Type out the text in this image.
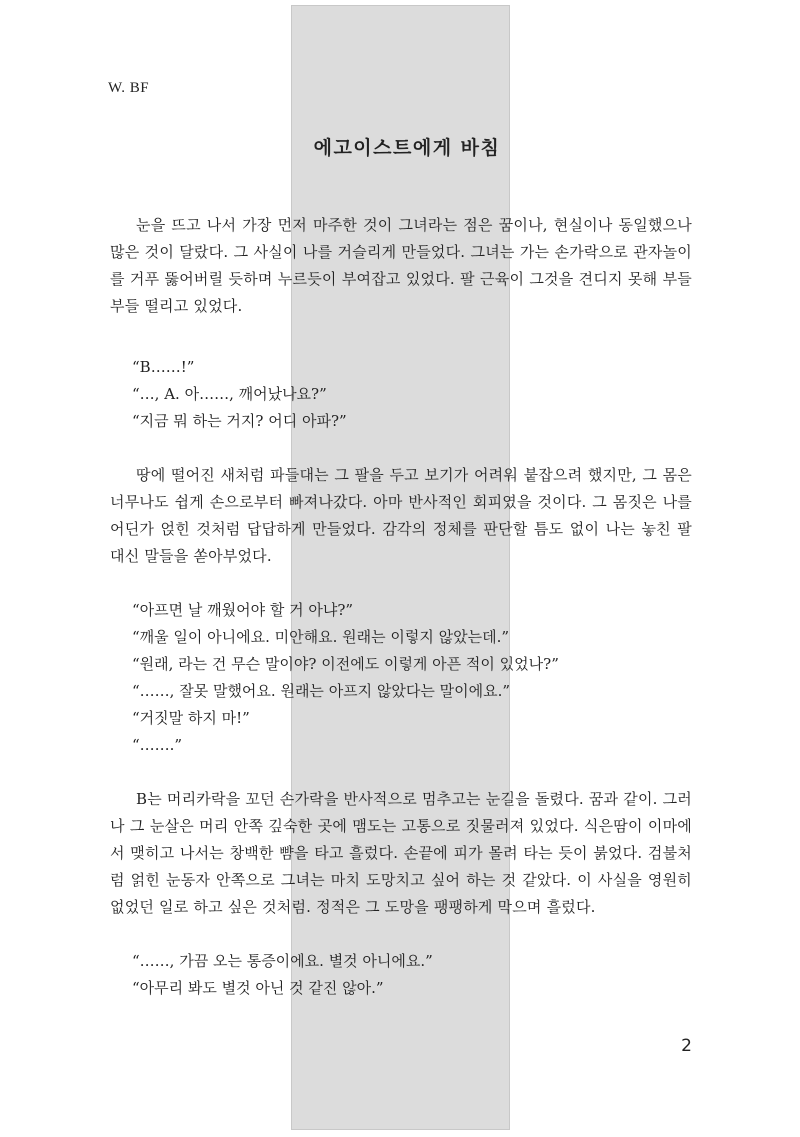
W. BF
에고이스트에게 바침

눈을 뜨고 나서 가장 먼저 마주한 것이 그녀라는 점은 꿈이나, 현실이나 동일했으나 많은 것이 달랐다. 그 사실이 나를 거슬리게 만들었다. 그녀는 가는 손가락으로 관자놀이를 거푸 뚫어버릴 듯하며 누르듯이 부여잡고 있었다. 팔 근육이 그것을 견디지 못해 부들부들 떨리고 있었다.

“B……!”

“…, A. 아……, 깨어났나요?”

“지금 뭐 하는 거지? 어디 아파?”

땅에 떨어진 새처럼 파들대는 그 팔을 두고 보기가 어려워 붙잡으려 했지만, 그 몸은 너무나도 쉽게 손으로부터 빠져나갔다. 아마 반사적인 회피였을 것이다. 그 몸짓은 나를 어딘가 얹힌 것처럼 답답하게 만들었다. 감각의 정체를 판단할 틈도 없이 나는 놓친 팔 대신 말들을 쏟아부었다.

“아프면 날 깨웠어야 할 거 아냐?”

“깨울 일이 아니에요. 미안해요. 원래는 이렇지 않았는데.”

“원래, 라는 건 무슨 말이야? 이전에도 이렇게 아픈 적이 있었나?”

“……, 잘못 말했어요. 원래는 아프지 않았다는 말이에요.”

“거짓말 하지 마!”

“…….”

B는 머리카락을 꼬던 손가락을 반사적으로 멈추고는 눈길을 돌렸다. 꿈과 같이. 그러나 그 눈살은 머리 안쪽 깊숙한 곳에 맴도는 고통으로 짓물러져 있었다. 식은땀이 이마에서 맺히고 나서는 창백한 뺨을 타고 흘렀다. 손끝에 피가 몰려 타는 듯이 붉었다. 검불처럼 얽힌 눈동자 안쪽으로 그녀는 마치 도망치고 싶어 하는 것 같았다. 이 사실을 영원히 없었던 일로 하고 싶은 것처럼. 정적은 그 도망을 팽팽하게 막으며 흘렀다.

“……, 가끔 오는 통증이에요. 별것 아니에요.”

“아무리 봐도 별것 아닌 것 같진 않아.”

2
